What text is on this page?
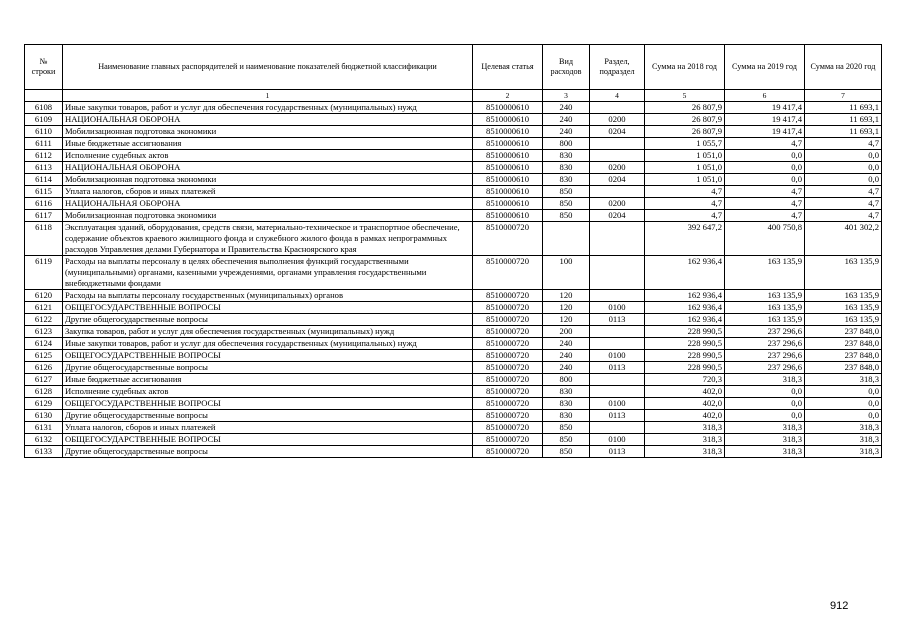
№ строки	Наименование главных распорядителей и наименование показателей бюджетной классификации	Целевая статья	Вид расходов	Раздел, подраздел	Сумма на 2018 год	Сумма на 2019 год	Сумма на 2020 год
	1	2	3	4	5	6	7
6108	Иные закупки товаров, работ и услуг для обеспечения государственных (муниципальных) нужд	8510000610	240		26 807,9	19 417,4	11 693,1
6109	НАЦИОНАЛЬНАЯ ОБОРОНА	8510000610	240	0200	26 807,9	19 417,4	11 693,1
6110	Мобилизационная подготовка экономики	8510000610	240	0204	26 807,9	19 417,4	11 693,1
6111	Иные бюджетные ассигнования	8510000610	800		1 055,7	4,7	4,7
6112	Исполнение судебных актов	8510000610	830		1 051,0	0,0	0,0
6113	НАЦИОНАЛЬНАЯ ОБОРОНА	8510000610	830	0200	1 051,0	0,0	0,0
6114	Мобилизационная подготовка экономики	8510000610	830	0204	1 051,0	0,0	0,0
6115	Уплата налогов, сборов и иных платежей	8510000610	850		4,7	4,7	4,7
6116	НАЦИОНАЛЬНАЯ ОБОРОНА	8510000610	850	0200	4,7	4,7	4,7
6117	Мобилизационная подготовка экономики	8510000610	850	0204	4,7	4,7	4,7
6118	Эксплуатация зданий, оборудования, средств связи, материально-техническое и транспортное обеспечение, содержание объектов краевого жилищного фонда и служебного жилого фонда в рамках непрограммных расходов Управления делами Губернатора и Правительства Красноярского края	8510000720			392 647,2	400 750,8	401 302,2
6119	Расходы на выплаты персоналу в целях обеспечения выполнения функций государственными (муниципальными) органами, казенными учреждениями, органами управления государственными внебюджетными фондами	8510000720	100		162 936,4	163 135,9	163 135,9
6120	Расходы на выплаты персоналу государственных (муниципальных) органов	8510000720	120		162 936,4	163 135,9	163 135,9
6121	ОБЩЕГОСУДАРСТВЕННЫЕ ВОПРОСЫ	8510000720	120	0100	162 936,4	163 135,9	163 135,9
6122	Другие общегосударственные вопросы	8510000720	120	0113	162 936,4	163 135,9	163 135,9
6123	Закупка товаров, работ и услуг для обеспечения государственных (муниципальных) нужд	8510000720	200		228 990,5	237 296,6	237 848,0
6124	Иные закупки товаров, работ и услуг для обеспечения государственных (муниципальных) нужд	8510000720	240		228 990,5	237 296,6	237 848,0
6125	ОБЩЕГОСУДАРСТВЕННЫЕ ВОПРОСЫ	8510000720	240	0100	228 990,5	237 296,6	237 848,0
6126	Другие общегосударственные вопросы	8510000720	240	0113	228 990,5	237 296,6	237 848,0
6127	Иные бюджетные ассигнования	8510000720	800		720,3	318,3	318,3
6128	Исполнение судебных актов	8510000720	830		402,0	0,0	0,0
6129	ОБЩЕГОСУДАРСТВЕННЫЕ ВОПРОСЫ	8510000720	830	0100	402,0	0,0	0,0
6130	Другие общегосударственные вопросы	8510000720	830	0113	402,0	0,0	0,0
6131	Уплата налогов, сборов и иных платежей	8510000720	850		318,3	318,3	318,3
6132	ОБЩЕГОСУДАРСТВЕННЫЕ ВОПРОСЫ	8510000720	850	0100	318,3	318,3	318,3
6133	Другие общегосударственные вопросы	8510000720	850	0113	318,3	318,3	318,3
912
